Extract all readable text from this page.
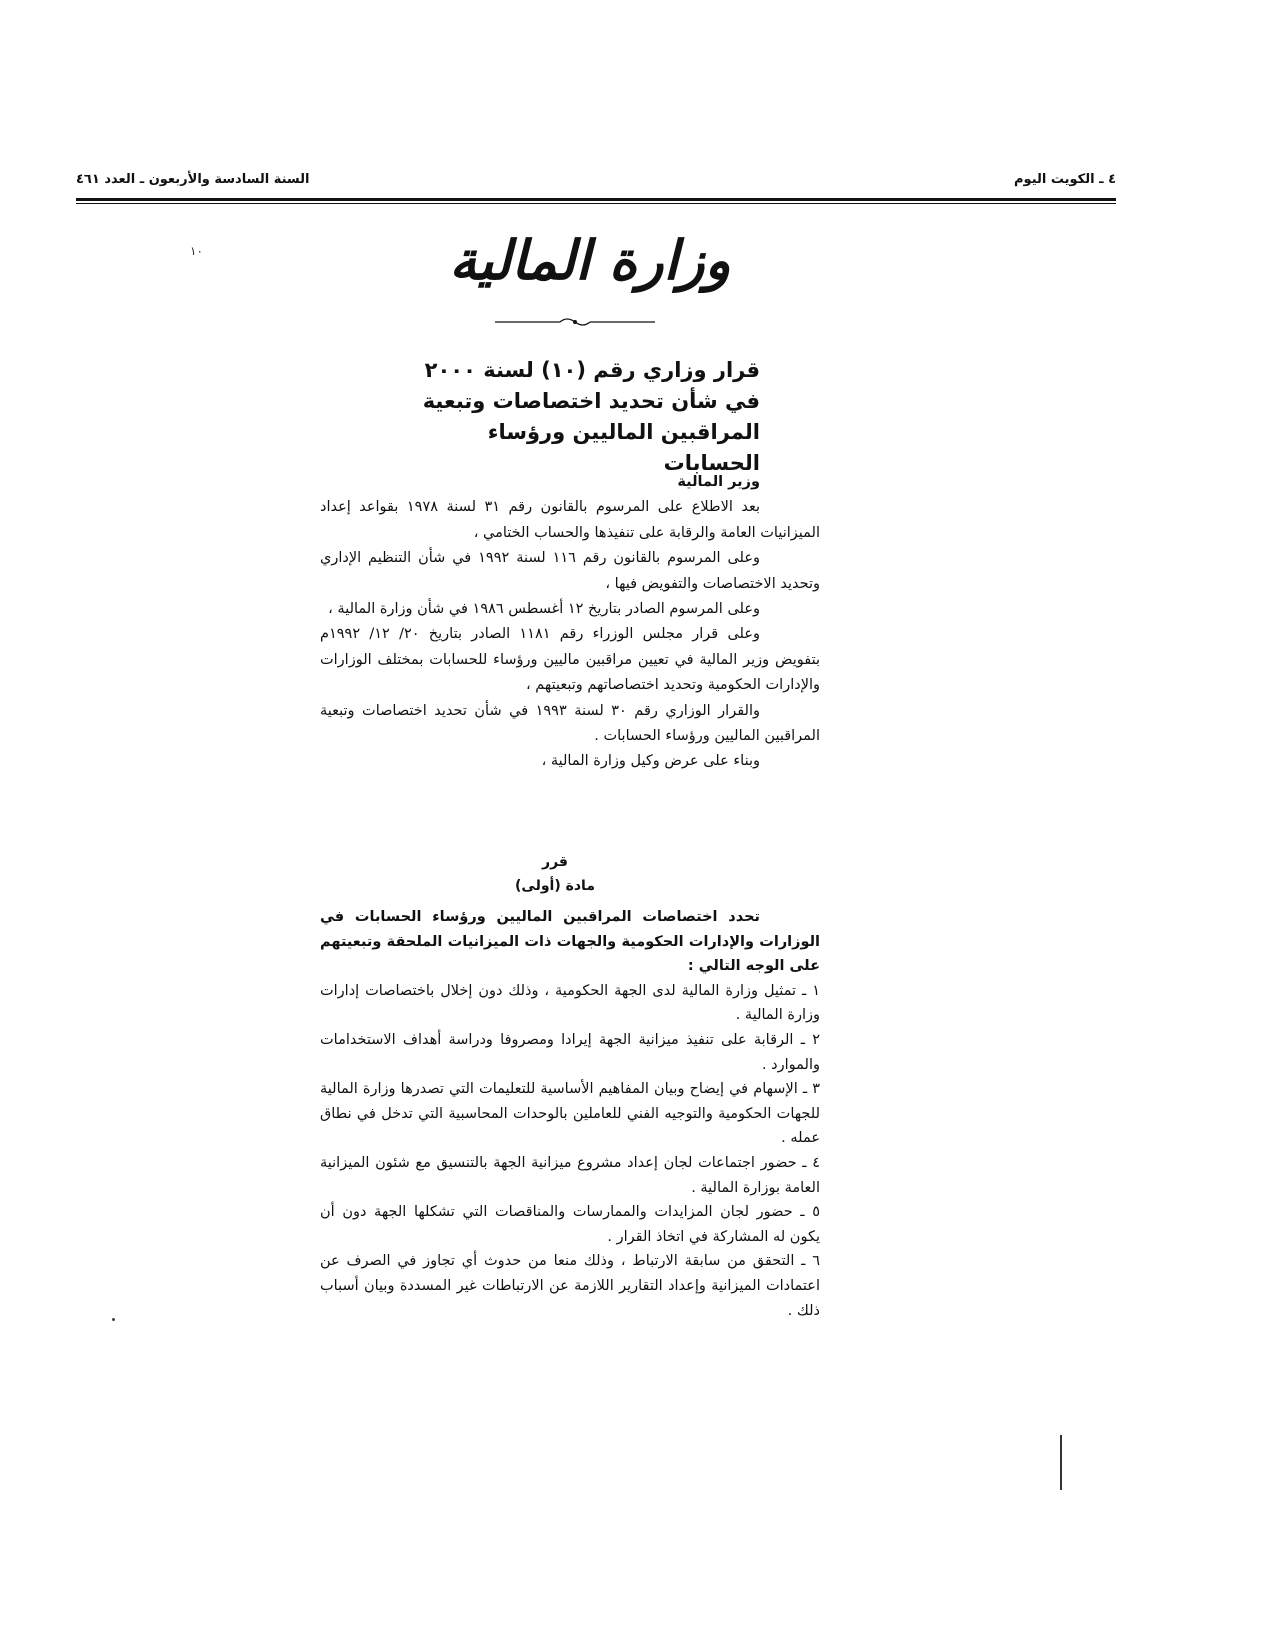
٤ ـ الكويت اليوم
السنة السادسة والأربعون ـ العدد ٤٦١
١٠	وزارة المالية
قرار وزاري رقم (١٠) لسنة ٢٠٠٠
في شأن تحديد اختصاصات وتبعية
المراقبين الماليين ورؤساء الحسابات

وزير المالية

بعد الاطلاع على المرسوم بالقانون رقم ٣١ لسنة ١٩٧٨ بقواعد إعداد الميزانيات العامة والرقابة على تنفيذها والحساب الختامي ،

وعلى المرسوم بالقانون رقم ١١٦ لسنة ١٩٩٢ في شأن التنظيم الإداري وتحديد الاختصاصات والتفويض فيها ،

وعلى المرسوم الصادر بتاريخ ١٢ أغسطس ١٩٨٦ في شأن وزارة المالية ،

وعلى قرار مجلس الوزراء رقم ١١٨١ الصادر بتاريخ ٢٠/ ١٢/ ١٩٩٢م بتفويض وزير المالية في تعيين مراقبين ماليين ورؤساء للحسابات بمختلف الوزارات والإدارات الحكومية وتحديد اختصاصاتهم وتبعيتهم ،

والقرار الوزاري رقم ٣٠ لسنة ١٩٩٣ في شأن تحديد اختصاصات وتبعية المراقبين الماليين ورؤساء الحسابات .

وبناء على عرض وكيل وزارة المالية ،

قرر
مادة (أولى)

تحدد اختصاصات المراقبين الماليين ورؤساء الحسابات في الوزارات والإدارات الحكومية والجهات ذات الميزانيات الملحقة وتبعيتهم على الوجه التالي :

١ ـ تمثيل وزارة المالية لدى الجهة الحكومية ، وذلك دون إخلال باختصاصات إدارات وزارة المالية .

٢ ـ الرقابة على تنفيذ ميزانية الجهة إيرادا ومصروفا ودراسة أهداف الاستخدامات والموارد .

٣ ـ الإسهام في إيضاح وبيان المفاهيم الأساسية للتعليمات التي تصدرها وزارة المالية للجهات الحكومية والتوجيه الفني للعاملين بالوحدات المحاسبية التي تدخل في نطاق عمله .

٤ ـ حضور اجتماعات لجان إعداد مشروع ميزانية الجهة بالتنسيق مع شئون الميزانية العامة بوزارة المالية .

٥ ـ حضور لجان المزايدات والممارسات والمناقصات التي تشكلها الجهة دون أن يكون له المشاركة في اتخاذ القرار .

٦ ـ التحقق من سابقة الارتباط ، وذلك منعا من حدوث أي تجاوز في الصرف عن اعتمادات الميزانية وإعداد التقارير اللازمة عن الارتباطات غير المسددة وبيان أسباب ذلك .
